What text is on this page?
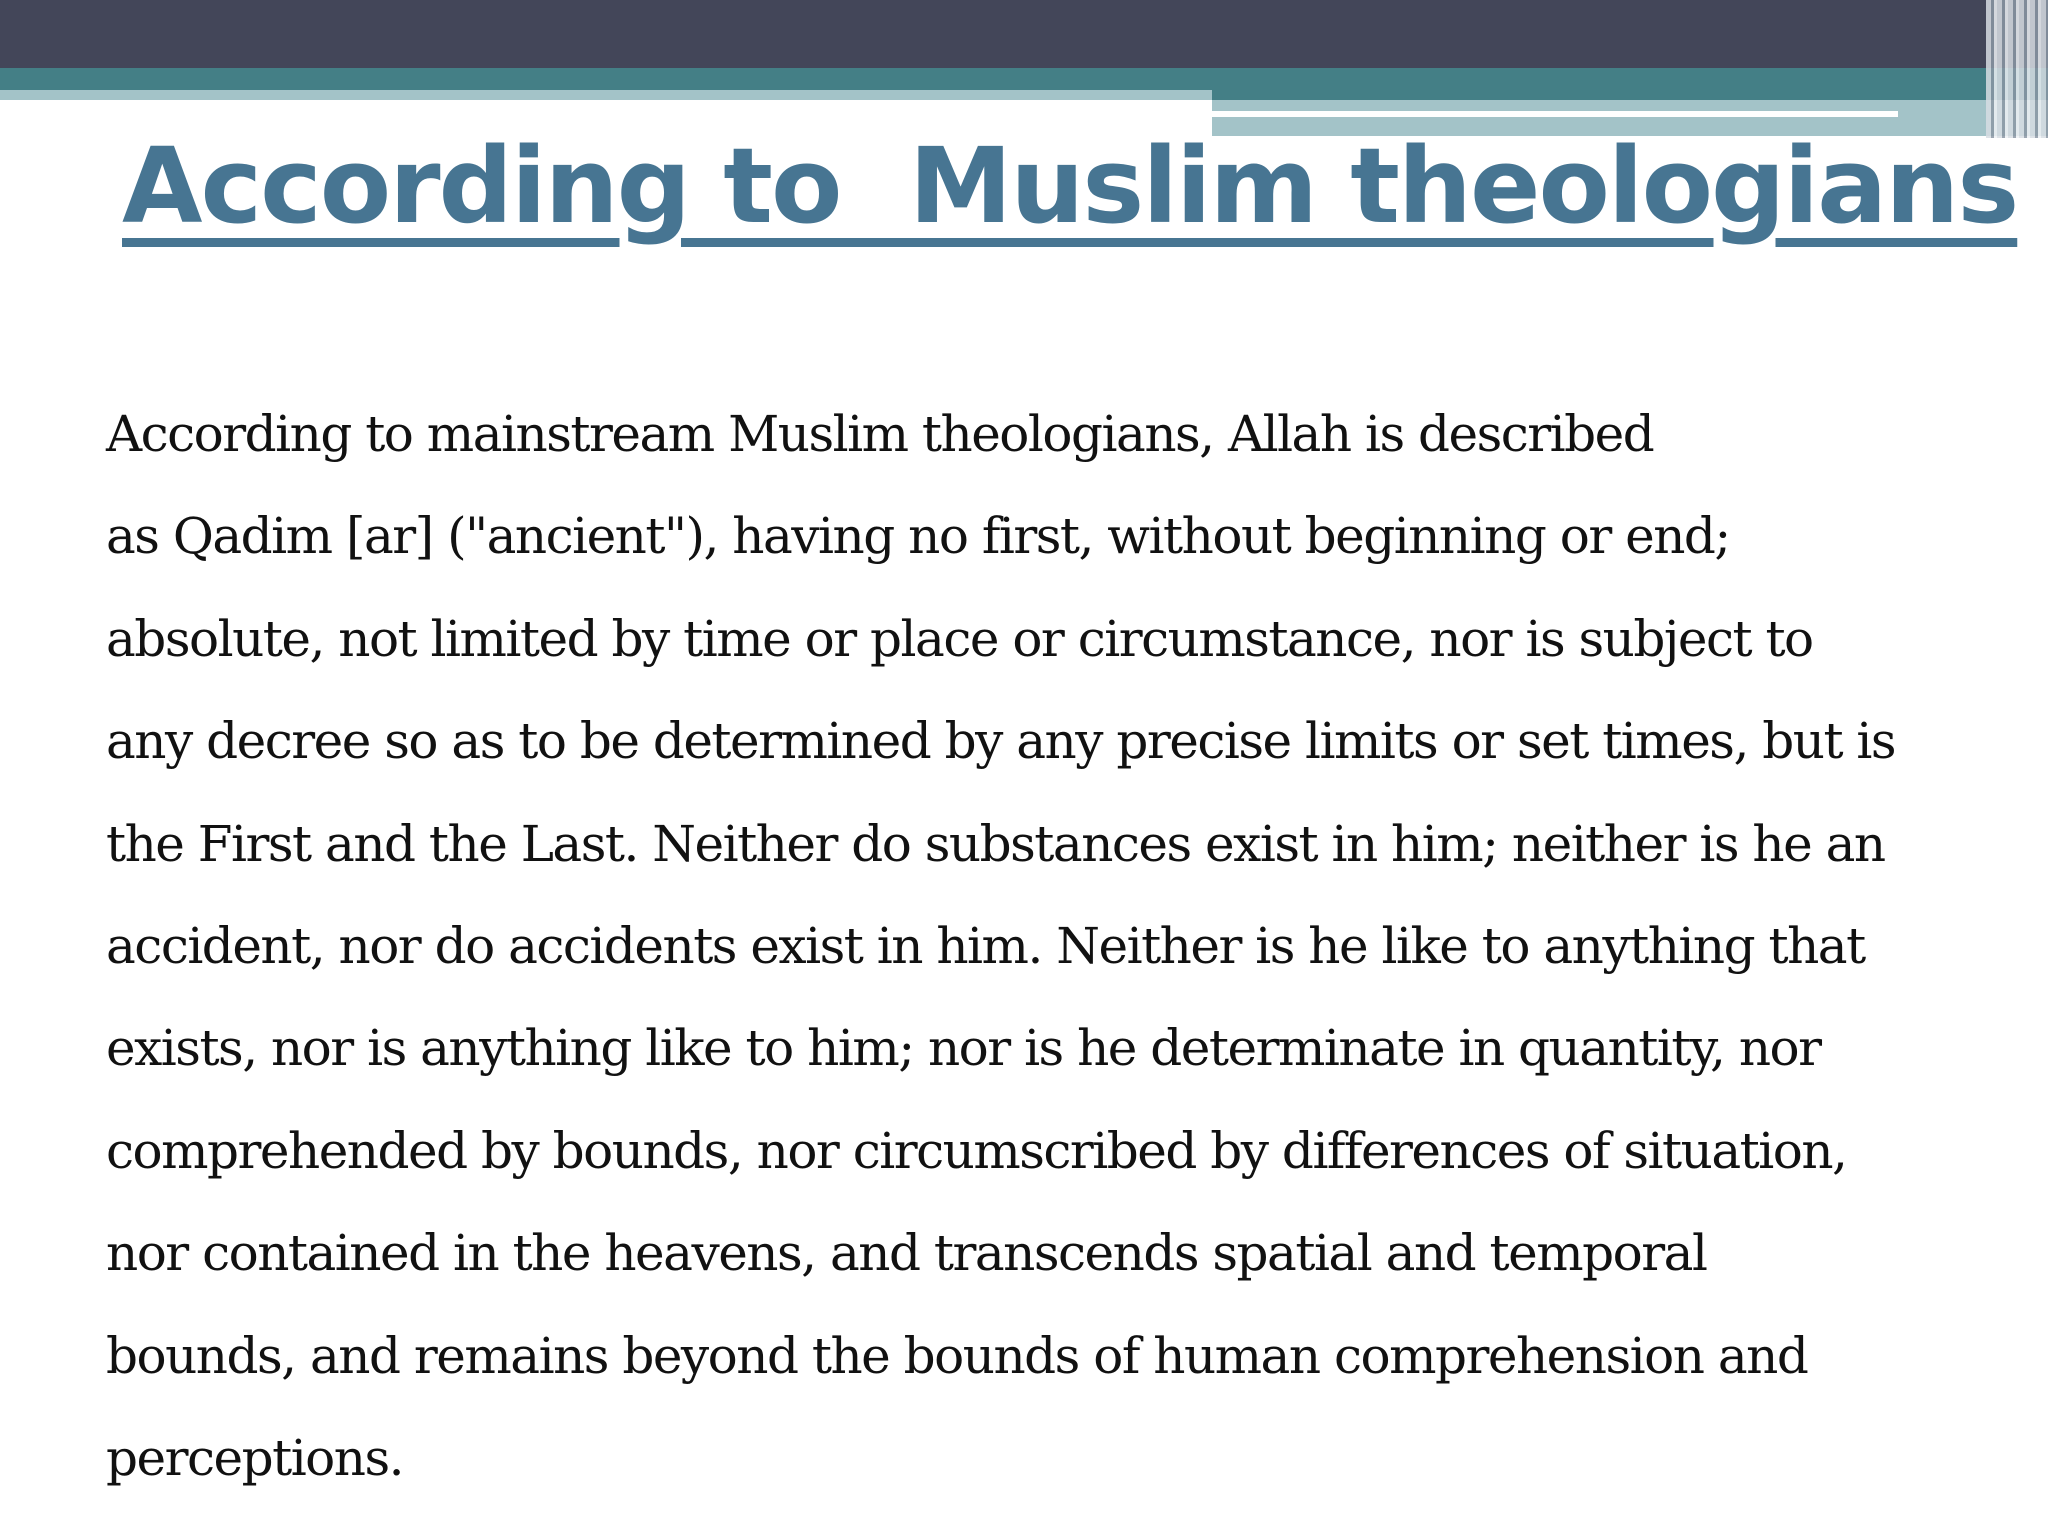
According to  Muslim theologians
According to mainstream Muslim theologians, Allah is described
as Qadim [ar] ("ancient"), having no first, without beginning or end;
absolute, not limited by time or place or circumstance, nor is subject to
any decree so as to be determined by any precise limits or set times, but is
the First and the Last. Neither do substances exist in him; neither is he an
accident, nor do accidents exist in him. Neither is he like to anything that
exists, nor is anything like to him; nor is he determinate in quantity, nor
comprehended by bounds, nor circumscribed by differences of situation,
nor contained in the heavens, and transcends spatial and temporal
bounds, and remains beyond the bounds of human comprehension and
perceptions.
